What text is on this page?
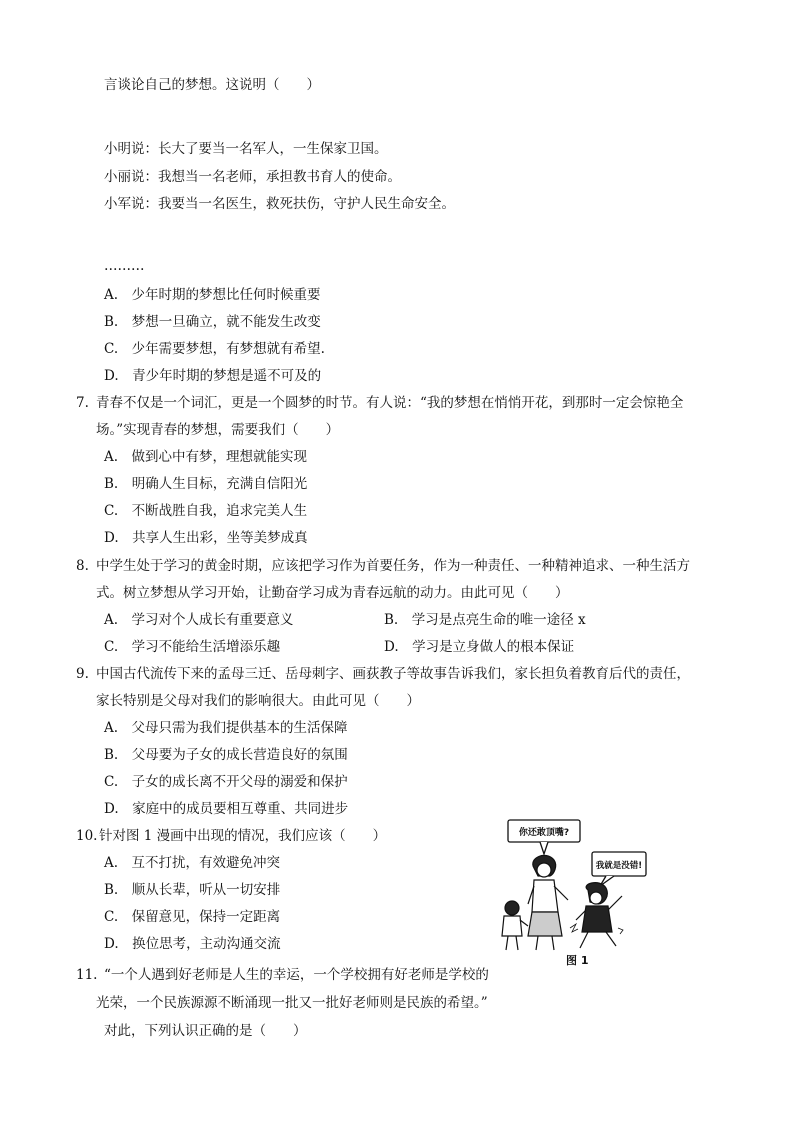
言谈论自己的梦想。这说明（　　）
小明说：长大了要当一名军人，一生保家卫国。
小丽说：我想当一名老师，承担教书育人的使命。
小军说：我要当一名医生，救死扶伤，守护人民生命安全。
………
A.　少年时期的梦想比任何时候重要
B.　梦想一旦确立，就不能发生改变
C.　少年需要梦想，有梦想就有希望.
D.　青少年时期的梦想是遥不可及的
7. 青春不仅是一个词汇，更是一个圆梦的时节。有人说：“我的梦想在悄悄开花，到那时一定会惊艳全
场。”实现青春的梦想，需要我们（　　）
A.　做到心中有梦，理想就能实现
B.　明确人生目标，充满自信阳光
C.　不断战胜自我，追求完美人生
D.　共享人生出彩，坐等美梦成真
8. 中学生处于学习的黄金时期，应该把学习作为首要任务，作为一种责任、一种精神追求、一种生活方
式。树立梦想从学习开始，让勤奋学习成为青春远航的动力。由此可见（　　）
A.　学习对个人成长有重要意义	B.　学习是点亮生命的唯一途径 x
C.　学习不能给生活增添乐趣	D.　学习是立身做人的根本保证
9. 中国古代流传下来的孟母三迁、岳母刺字、画荻教子等故事告诉我们，家长担负着教育后代的责任，
家长特别是父母对我们的影响很大。由此可见（　　）
A.　父母只需为我们提供基本的生活保障
B.　父母要为子女的成长营造良好的氛围
C.　子女的成长离不开父母的溺爱和保护
D.　家庭中的成员要相互尊重、共同进步
10. 针对图 1 漫画中出现的情况，我们应该（　　）
A.　互不打扰，有效避免冲突
B.　顺从长辈，听从一切安排
C.　保留意见，保持一定距离
D.　换位思考，主动沟通交流
你还敢顶嘴?
我就是没错!
图 1
11. “一个人遇到好老师是人生的幸运，一个学校拥有好老师是学校的
光荣，一个民族源源不断涌现一批又一批好老师则是民族的希望。”
对此，下列认识正确的是（　　）
